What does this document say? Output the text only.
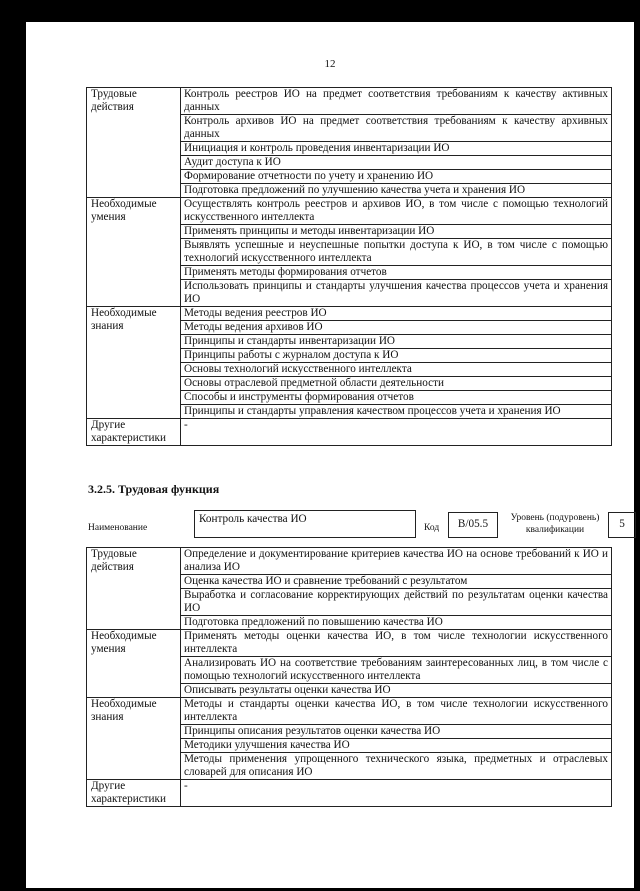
12
Трудовые действия	Контроль реестров ИО на предмет соответствия требованиям к качеству активных данных
	Контроль архивов ИО на предмет соответствия требованиям к качеству архивных данных
	Инициация и контроль проведения инвентаризации ИО
	Аудит доступа к ИО
	Формирование отчетности по учету и хранению ИО
	Подготовка предложений по улучшению качества учета и хранения ИО
Необходимые умения	Осуществлять контроль реестров и архивов ИО, в том числе с помощью технологий искусственного интеллекта
	Применять принципы и методы инвентаризации ИО
	Выявлять успешные и неуспешные попытки доступа к ИО, в том числе с помощью технологий искусственного интеллекта
	Применять методы формирования отчетов
	Использовать принципы и стандарты улучшения качества процессов учета и хранения ИО
Необходимые знания	Методы ведения реестров ИО
	Методы ведения архивов ИО
	Принципы и стандарты инвентаризации ИО
	Принципы работы с журналом доступа к ИО
	Основы технологий искусственного интеллекта
	Основы отраслевой предметной области деятельности
	Способы и инструменты формирования отчетов
	Принципы и стандарты управления качеством процессов учета и хранения ИО
Другие характеристики	-
3.2.5. Трудовая функция
Наименование
Контроль качества ИО
Код	B/05.5	Уровень (подуровень) квалификации	5
Трудовые действия	Определение и документирование критериев качества ИО на основе требований к ИО и анализа ИО
	Оценка качества ИО и сравнение требований с результатом
	Выработка и согласование корректирующих действий по результатам оценки качества ИО
	Подготовка предложений по повышению качества ИО
Необходимые умения	Применять методы оценки качества ИО, в том числе технологии искусственного интеллекта
	Анализировать ИО на соответствие требованиям заинтересованных лиц, в том числе с помощью технологий искусственного интеллекта
	Описывать результаты оценки качества ИО
Необходимые знания	Методы и стандарты оценки качества ИО, в том числе технологии искусственного интеллекта
	Принципы описания результатов оценки качества ИО
	Методики улучшения качества ИО
	Методы применения упрощенного технического языка, предметных и отраслевых словарей для описания ИО
Другие характеристики	-
